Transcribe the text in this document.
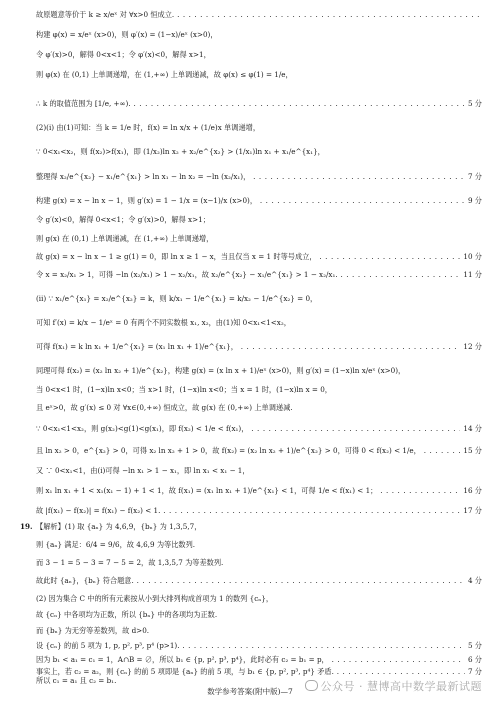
故原题意等价于 k ≥ x/eˣ 对 ∀x>0 恒成立. . . .
构建 φ(x) = x/eˣ (x>0)，则 φ′(x) = (1−x)/eˣ (x>0)，
令 φ′(x)>0，解得 0<x<1；令 φ′(x)<0，解得 x>1，
则 φ(x) 在 (0,1) 上单调递增，在 (1,+∞) 上单调递减，故 φ(x) ≤ φ(1) = 1/e，
∴ k 的取值范围为 [1/e, +∞). . . .	5 分
(2)(ⅰ) 由(1)可知：当 k = 1/e 时，f(x) = ln x/x + (1/e)x 单调递增，
∵ 0<x₁<x₂，则 f(x₂)>f(x₁)，即 (1/x₂)ln x₂ + x₂/e^{x₂} > (1/x₁)ln x₁ + x₁/e^{x₁}，
整理得 x₂/e^{x₂} − x₁/e^{x₁} > ln x₁ − ln x₂ = −ln (x₂/x₁)， . . .	7 分
构建 g(x) = x − ln x − 1，则 g′(x) = 1 − 1/x = (x−1)/x (x>0)， . . .	9 分
令 g′(x)<0，解得 0<x<1；令 g′(x)>0，解得 x>1；
则 g(x) 在 (0,1) 上单调递减，在 (1,+∞) 上单调递增，
故 g(x) = x − ln x − 1 ≥ g(1) = 0，即 ln x ≥ 1 − x，当且仅当 x = 1 时等号成立， . . .	10 分
令 x = x₂/x₁ > 1，可得 −ln (x₂/x₁) > 1 − x₂/x₁，故 x₂/e^{x₂} − x₁/e^{x₁} > 1 − x₂/x₁. . . .	11 分
(ⅱ) ∵ x₁/e^{x₁} = x₂/e^{x₂} = k，则 k/x₁ − 1/e^{x₁} = k/x₂ − 1/e^{x₂} = 0，
可知 f′(x) = k/x − 1/eˣ = 0 有两个不同实数根 x₁, x₂，由(1)知 0<x₁<1<x₂，
可得 f(x₁) = k ln x₁ + 1/e^{x₁} = (x₁ ln x₁ + 1)/e^{x₁}， . . .	12 分
同理可得 f(x₂) = (x₂ ln x₂ + 1)/e^{x₂}，构建 g(x) = (x ln x + 1)/eˣ (x>0)，则 g′(x) = (1−x)ln x/eˣ (x>0)，
当 0<x<1 时，(1−x)ln x<0；当 x>1 时，(1−x)ln x<0；当 x = 1 时，(1−x)ln x = 0，
且 eˣ>0，故 g′(x) ≤ 0 对 ∀x∈(0,+∞) 恒成立，故 g(x) 在 (0,+∞) 上单调递减.
∵ 0<x₁<1<x₂，则 g(x₂)<g(1)<g(x₁)，即 f(x₂) < 1/e < f(x₁)， . . .	14 分
且 ln x₂ > 0，e^{x₂} > 0，可得 x₂ ln x₂ + 1 > 0，故 f(x₂) = (x₂ ln x₂ + 1)/e^{x₂} > 0，可得 0 < f(x₂) < 1/e， . . .	15 分
又 ∵ 0<x₁<1，由(ⅰ)可得 −ln x₁ > 1 − x₁，即 ln x₁ < x₁ − 1，
则 x₁ ln x₁ + 1 < x₁(x₁ − 1) + 1 < 1，故 f(x₁) = (x₁ ln x₁ + 1)/e^{x₁} < 1，可得 1/e < f(x₁) < 1； . . .	16 分
故 |f(x₁) − f(x₂)| = f(x₁) − f(x₂) < 1. . . .	17 分
19. 【解析】(1) 取 {aₙ} 为 4,6,9，{bₙ} 为 1,3,5,7，
则 {aₙ} 满足：6/4 = 9/6，故 4,6,9 为等比数列.
而 3 − 1 = 5 − 3 = 7 − 5 = 2，故 1,3,5,7 为等差数列.
故此时 {aₙ}，{bₙ} 符合题意. . . .	4 分
(2) 因为集合 C 中的所有元素按从小到大排列构成首项为 1 的数列 {cₙ}，
故 {cₙ} 中各项均为正数，所以 {bₙ} 中的各项均为正数.
而 {bₙ} 为无穷等差数列，故 d>0.
设 {cₙ} 的前 5 项为 1, p, p², p³, p⁴ (p>1). . . .	5 分
因为 b₁ < a₁ = c₁ = 1，A∩B = ∅，所以 b₁ ∈ {p, p², p³, p⁴}，此时必有 c₂ = b₁ = p， . . .	6 分
事实上，若 c₂ = a₂，则 {cₙ} 的前 5 项即是 {aₙ} 的前 5 项，与 b₁ ∈ {p, p², p³, p⁴} 矛盾. . . .	7 分
所以 c₁ = a₁ 且 c₂ = b₁.
数学参考答案(附中版)—7	公众号 · 慧博高中数学最新试题
